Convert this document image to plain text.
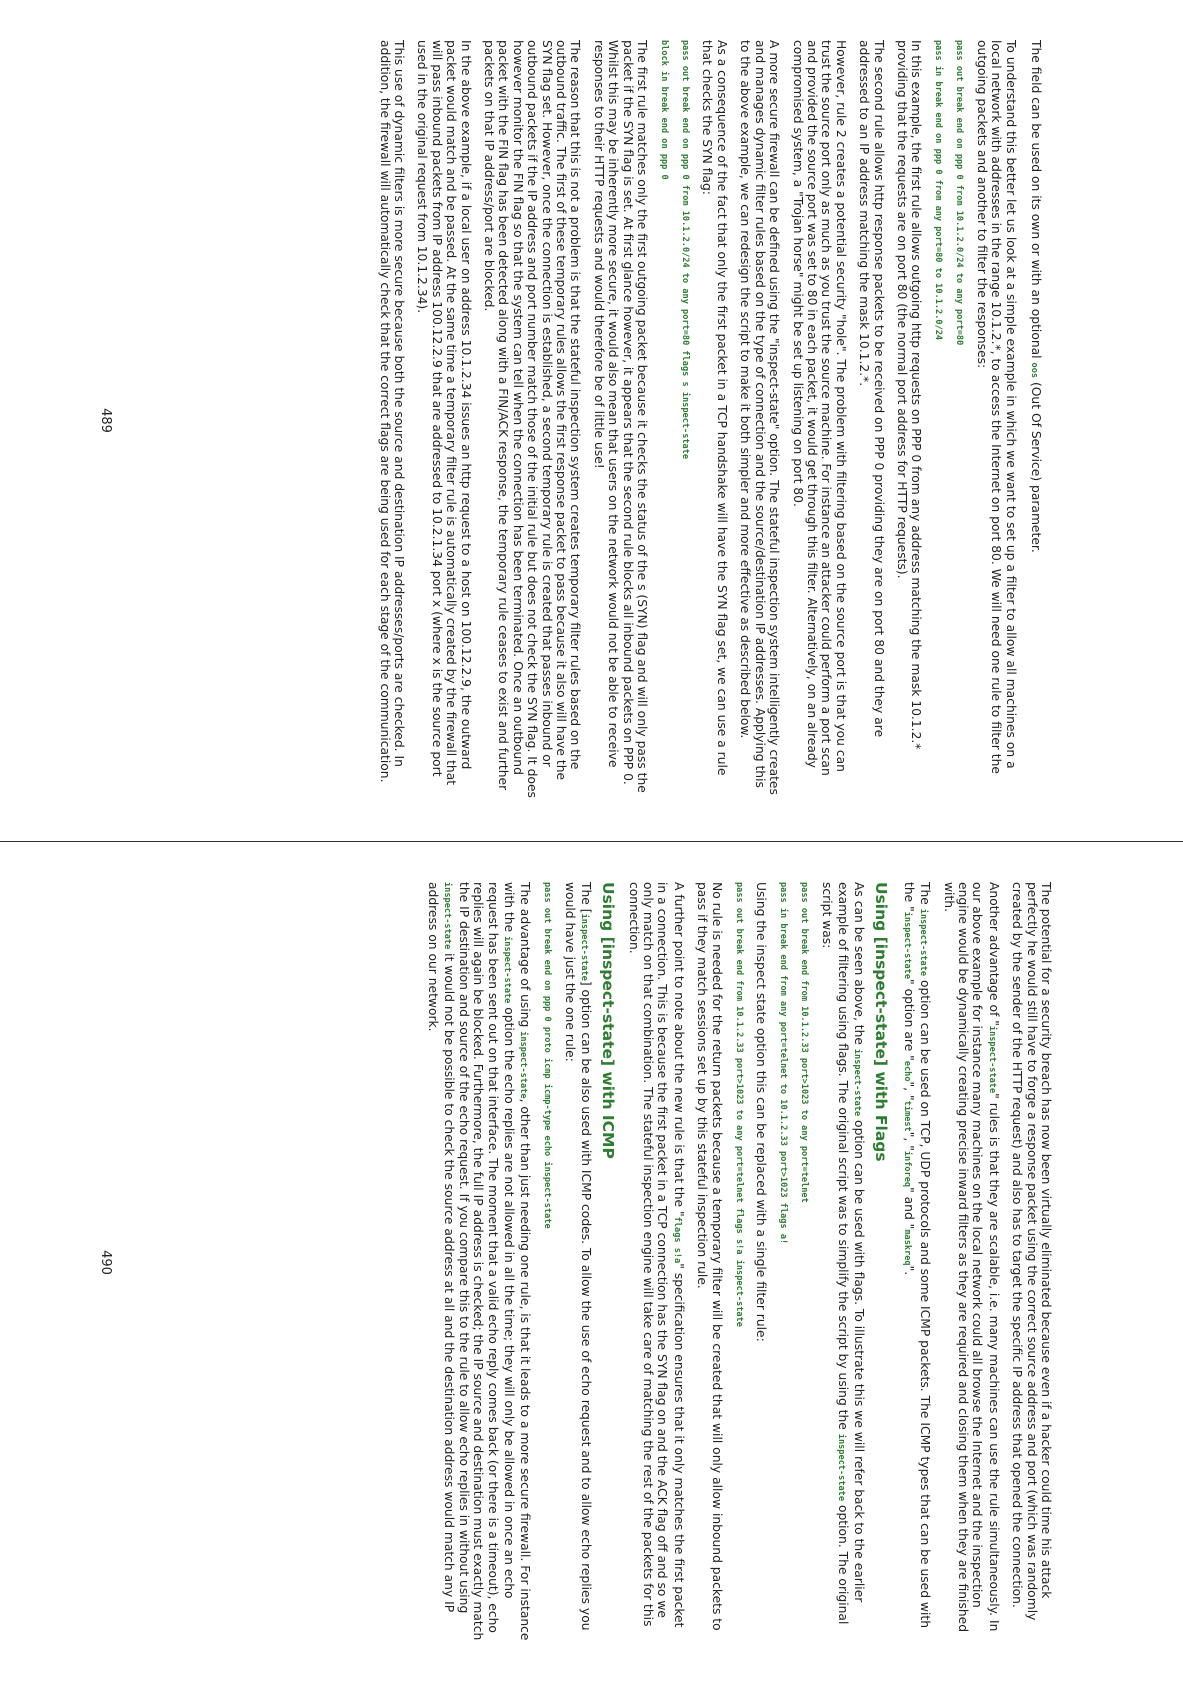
The field can be used on its own or with an optional oos (Out Of Service) parameter.

To understand this better let us look at a simple example in which we want to set up a filter to allow all machines on a local network with addresses in the range 10.1.2.*, to access the Internet on port 80. We will need one rule to filter the outgoing packets and another to filter the responses:

pass out break end on ppp 0 from 10.1.2.0/24 to any port=80

pass in break end on ppp 0 from any port=80 to 10.1.2.0/24

In this example, the first rule allows outgoing http requests on PPP 0 from any address matching the mask 10.1.2.* providing that the requests are on port 80 (the normal port address for HTTP requests).

The second rule allows http response packets to be received on PPP 0 providing they are on port 80 and they are addressed to an IP address matching the mask 10.1.2.*.

However, rule 2 creates a potential security "hole". The problem with filtering based on the source port is that you can trust the source port only as much as you trust the source machine. For instance an attacker could perform a port scan and provided the source port was set to 80 in each packet, it would get through this filter. Alternatively, on an already compromised system, a "Trojan horse" might be set up listening on port 80.

A more secure firewall can be defined using the "inspect-state" option. The stateful inspection system intelligently creates and manages dynamic filter rules based on the type of connection and the source/destination IP addresses. Applying this to the above example, we can redesign the script to make it both simpler and more effective as described below.

As a consequence of the fact that only the first packet in a TCP handshake will have the SYN flag set, we can use a rule that checks the SYN flag:

pass out break end on ppp 0 from 10.1.2.0/24 to any port=80 flags s inspect-state

block in break end on ppp 0

The first rule matches only the first outgoing packet because it checks the status of the s (SYN) flag and will only pass the packet if the SYN flag is set. At first glance however, it appears that the second rule blocks all inbound packets on PPP 0. Whilst this may be inherently more secure, it would also mean that users on the network would not be able to receive responses to their HTTP requests and would therefore be of little use!

The reason that this is not a problem is that the stateful inspection system creates temporary filter rules based on the outbound traffic. The first of these temporary rules allows the first response packet to pass because it also will have the SYN flag set. However, once the connection is established, a second temporary rule is created that passes inbound or outbound packets if the IP address and port number match those of the initial rule but does not check the SYN flag. It does however monitor the FIN flag so that the system can tell when the connection has been terminated. Once an outbound packet with the FIN flag has been detected along with a FIN/ACK response, the temporary rule ceases to exist and further packets on that IP address/port are blocked.

In the above example, if a local user on address 10.1.2.34 issues an http request to a host on 100.12.2.9, the outward packet would match and be passed. At the same time a temporary filter rule is automatically created by the firewall that will pass inbound packets from IP address 100.12.2.9 that are addressed to 10.2.1.34 port x (where x is the source port used in the original request from 10.1.2.34).

This use of dynamic filters is more secure because both the source and destination IP addresses/ports are checked. In addition, the firewall will automatically check that the correct flags are being used for each stage of the communication.

489

The potential for a security breach has now been virtually eliminated because even if a hacker could time his attack perfectly he would still have to forge a response packet using the correct source address and port (which was randomly created by the sender of the HTTP request) and also has to target the specific IP address that opened the connection.

Another advantage of "inspect-state" rules is that they are scalable, i.e. many machines can use the rule simultaneously. In our above example for instance many machines on the local network could all browse the Internet and the inspection engine would be dynamically creating precise inward filters as they are required and closing them when they are finished with.

The inspect-state option can be used on TCP, UDP protocols and some ICMP packets. The ICMP types that can be used with the "inspect-state" option are "echo", "timest", "inforeq" and "maskreq".

Using [inspect-state] with Flags

As can be seen above, the inspect-state option can be used with flags. To illustrate this we will refer back to the earlier example of filtering using flags. The original script was to simplify the script by using the inspect-state option. The original script was:

pass out break end from 10.1.2.33 port>1023 to any port=telnet

pass in break end from any port=telnet to 10.1.2.33 port>1023 flags a!

Using the inspect state option this can be replaced with a single filter rule:

pass out break end from 10.1.2.33 port>1023 to any port=telnet flags s!a inspect-state

No rule is needed for the return packets because a temporary filter will be created that will only allow inbound packets to pass if they match sessions set up by this stateful inspection rule.

A further point to note about the new rule is that the "flags s!a" specification ensures that it only matches the first packet in a connection. This is because the first packet in a TCP connection has the SYN flag on and the ACK flag off and so we only match on that combination. The stateful inspection engine will take care of matching the rest of the packets for this connection.

Using [inspect-state] with ICMP

The [inspect-state] option can be also used with ICMP codes. To allow the use of echo request and to allow echo replies you would have just the one rule:

pass out break end on ppp 0 proto icmp icmp-type echo inspect-state

The advantage of using inspect-state, other than just needing one rule, is that it leads to a more secure firewall. For instance with the inspect-state option the echo replies are not allowed in all the time; they will only be allowed in once an echo request has been sent out on that interface. The moment that a valid echo reply comes back (or there is a timeout), echo replies will again be blocked. Furthermore, the full IP address is checked; the IP source and destination must exactly match the IP destination and source of the echo request. If you compare this to the rule to allow echo replies in without using inspect-state it would not be possible to check the source address at all and the destination address would match any IP address on our network.

490
